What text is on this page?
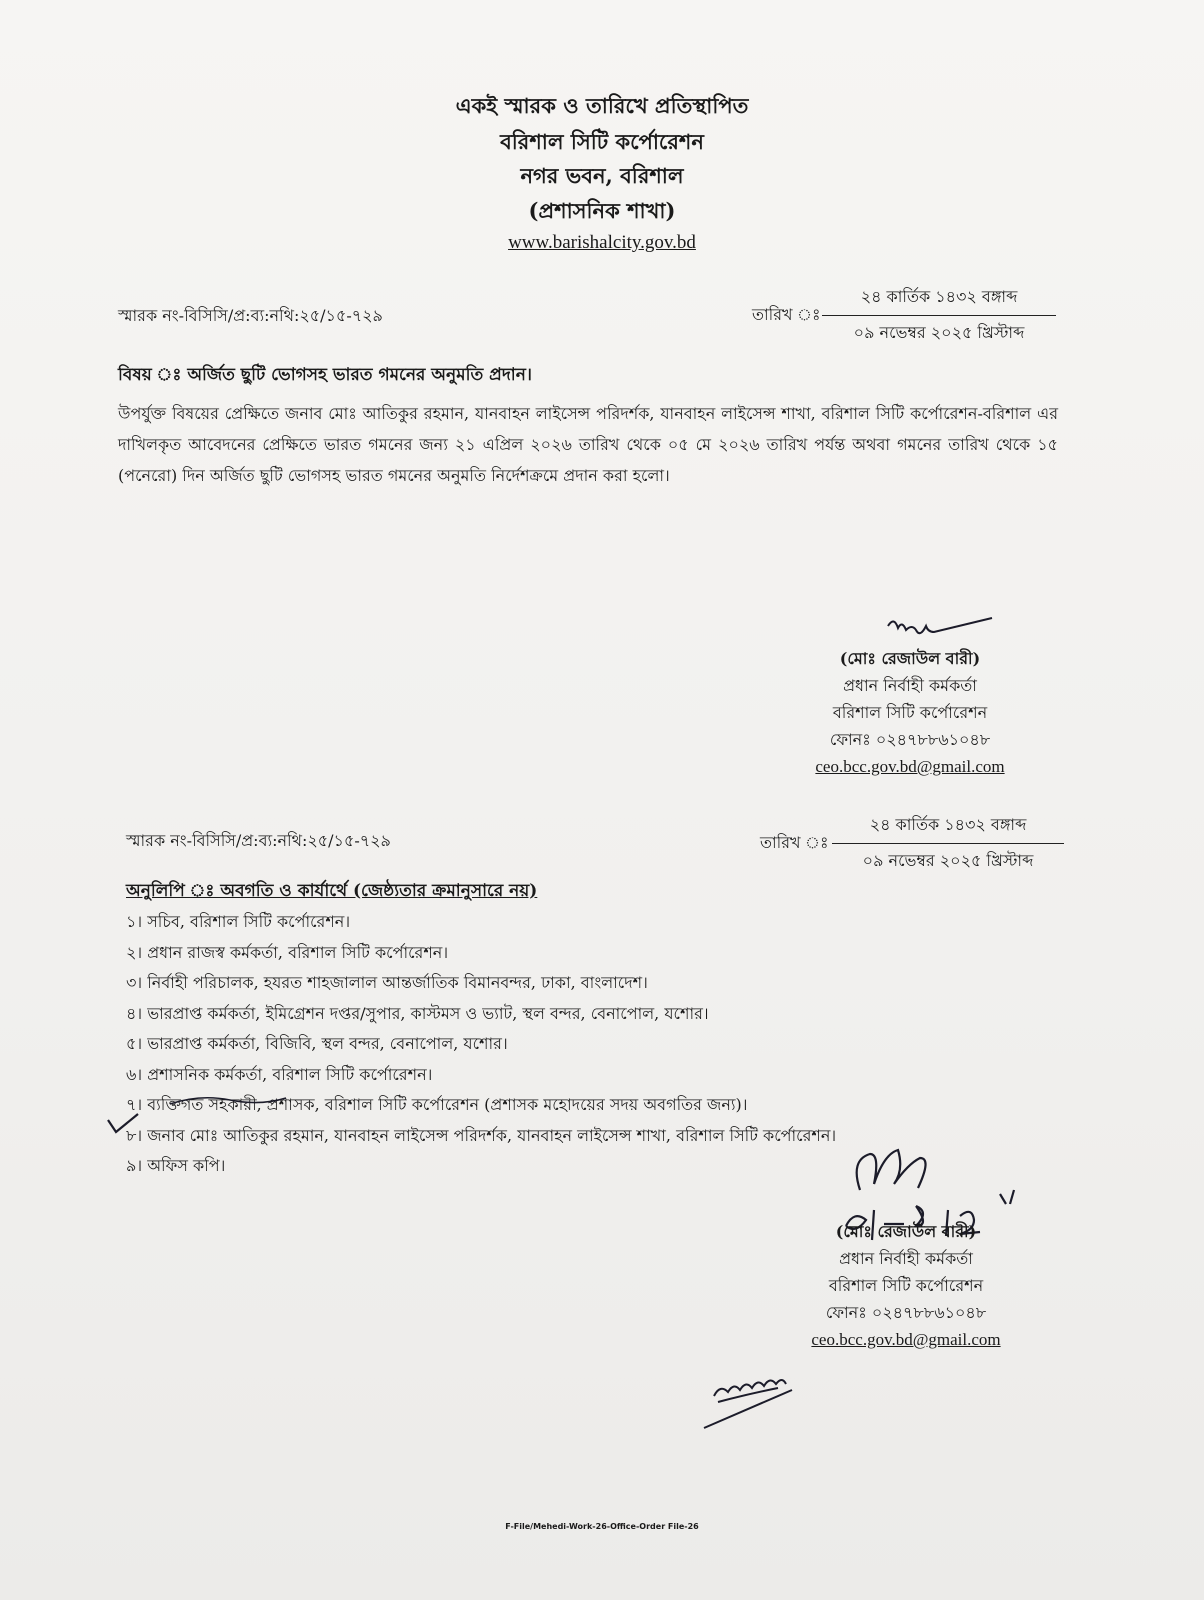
একই স্মারক ও তারিখে প্রতিস্থাপিত
বরিশাল সিটি কর্পোরেশন
নগর ভবন, বরিশাল
(প্রশাসনিক শাখা)
www.barishalcity.gov.bd
স্মারক নং-বিসিসি/প্র:ব্য:নথি:২৫/১৫-৭২৯	তারিখ ঃ
২৪ কার্তিক ১৪৩২ বঙ্গাব্দ
০৯ নভেম্বর ২০২৫ খ্রিস্টাব্দ
বিষয় ঃ অর্জিত ছুটি ভোগসহ ভারত গমনের অনুমতি প্রদান।
উপর্যুক্ত বিষয়ের প্রেক্ষিতে জনাব মোঃ আতিকুর রহমান, যানবাহন লাইসেন্স পরিদর্শক, যানবাহন লাইসেন্স শাখা, বরিশাল সিটি কর্পোরেশন-বরিশাল এর দাখিলকৃত আবেদনের প্রেক্ষিতে ভারত গমনের জন্য ২১ এপ্রিল ২০২৬ তারিখ থেকে ০৫ মে ২০২৬ তারিখ পর্যন্ত অথবা গমনের তারিখ থেকে ১৫ (পনেরো) দিন অর্জিত ছুটি ভোগসহ ভারত গমনের অনুমতি নির্দেশক্রমে প্রদান করা হলো।
(মোঃ রেজাউল বারী)
প্রধান নির্বাহী কর্মকর্তা
বরিশাল সিটি কর্পোরেশন
ফোনঃ ০২৪৭৮৮৬১০৪৮
ceo.bcc.gov.bd@gmail.com
স্মারক নং-বিসিসি/প্র:ব্য:নথি:২৫/১৫-৭২৯	তারিখ ঃ
২৪ কার্তিক ১৪৩২ বঙ্গাব্দ
০৯ নভেম্বর ২০২৫ খ্রিস্টাব্দ
অনুলিপি ঃ অবগতি ও কার্যার্থে (জেষ্ঠ্যতার ক্রমানুসারে নয়)
১। সচিব, বরিশাল সিটি কর্পোরেশন।
২। প্রধান রাজস্ব কর্মকর্তা, বরিশাল সিটি কর্পোরেশন।
৩। নির্বাহী পরিচালক, হযরত শাহজালাল আন্তর্জাতিক বিমানবন্দর, ঢাকা, বাংলাদেশ।
৪। ভারপ্রাপ্ত কর্মকর্তা, ইমিগ্রেশন দপ্তর/সুপার, কাস্টমস ও ভ্যাট, স্থল বন্দর, বেনাপোল, যশোর।
৫। ভারপ্রাপ্ত কর্মকর্তা, বিজিবি, স্থল বন্দর, বেনাপোল, যশোর।
৬। প্রশাসনিক কর্মকর্তা, বরিশাল সিটি কর্পোরেশন।
৭। ব্যক্তিগত সহকারী, প্রশাসক, বরিশাল সিটি কর্পোরেশন (প্রশাসক মহোদয়ের সদয় অবগতির জন্য)।
৮। জনাব মোঃ আতিকুর রহমান, যানবাহন লাইসেন্স পরিদর্শক, যানবাহন লাইসেন্স শাখা, বরিশাল সিটি কর্পোরেশন।
৯। অফিস কপি।
(মোঃ রেজাউল বারী)
প্রধান নির্বাহী কর্মকর্তা
বরিশাল সিটি কর্পোরেশন
ফোনঃ ০২৪৭৮৮৬১০৪৮
ceo.bcc.gov.bd@gmail.com
F-File/Mehedi-Work-26-Office-Order File-26
